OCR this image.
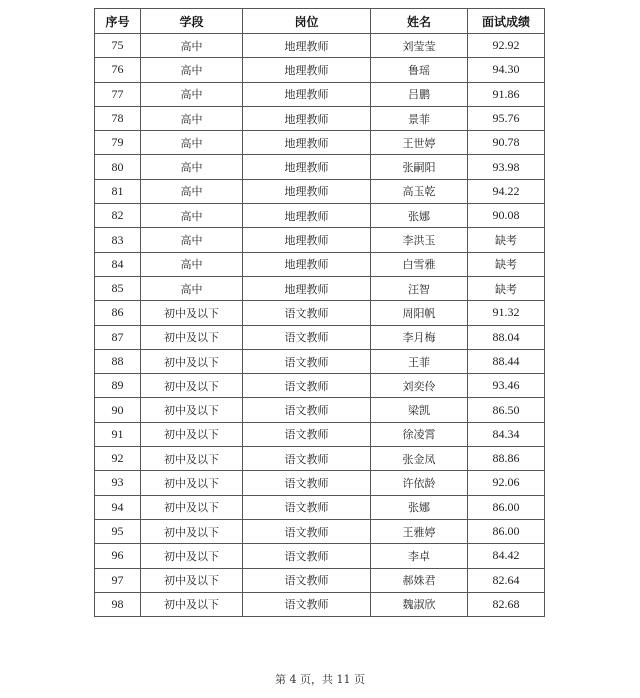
序号	学段	岗位	姓名	面试成绩
75	高中	地理教师	刘莹莹	92.92
76	高中	地理教师	鲁瑶	94.30
77	高中	地理教师	吕鹏	91.86
78	高中	地理教师	景菲	95.76
79	高中	地理教师	王世婷	90.78
80	高中	地理教师	张嗣阳	93.98
81	高中	地理教师	高玉乾	94.22
82	高中	地理教师	张娜	90.08
83	高中	地理教师	李洪玉	缺考
84	高中	地理教师	白雪雅	缺考
85	高中	地理教师	汪智	缺考
86	初中及以下	语文教师	周阳帆	91.32
87	初中及以下	语文教师	李月梅	88.04
88	初中及以下	语文教师	王菲	88.44
89	初中及以下	语文教师	刘奕伶	93.46
90	初中及以下	语文教师	梁凯	86.50
91	初中及以下	语文教师	徐凌霄	84.34
92	初中及以下	语文教师	张金凤	88.86
93	初中及以下	语文教师	许依龄	92.06
94	初中及以下	语文教师	张娜	86.00
95	初中及以下	语文教师	王雅婷	86.00
96	初中及以下	语文教师	李卓	84.42
97	初中及以下	语文教师	郝姝君	82.64
98	初中及以下	语文教师	魏淑欣	82.68
第 4 页，共 11 页
